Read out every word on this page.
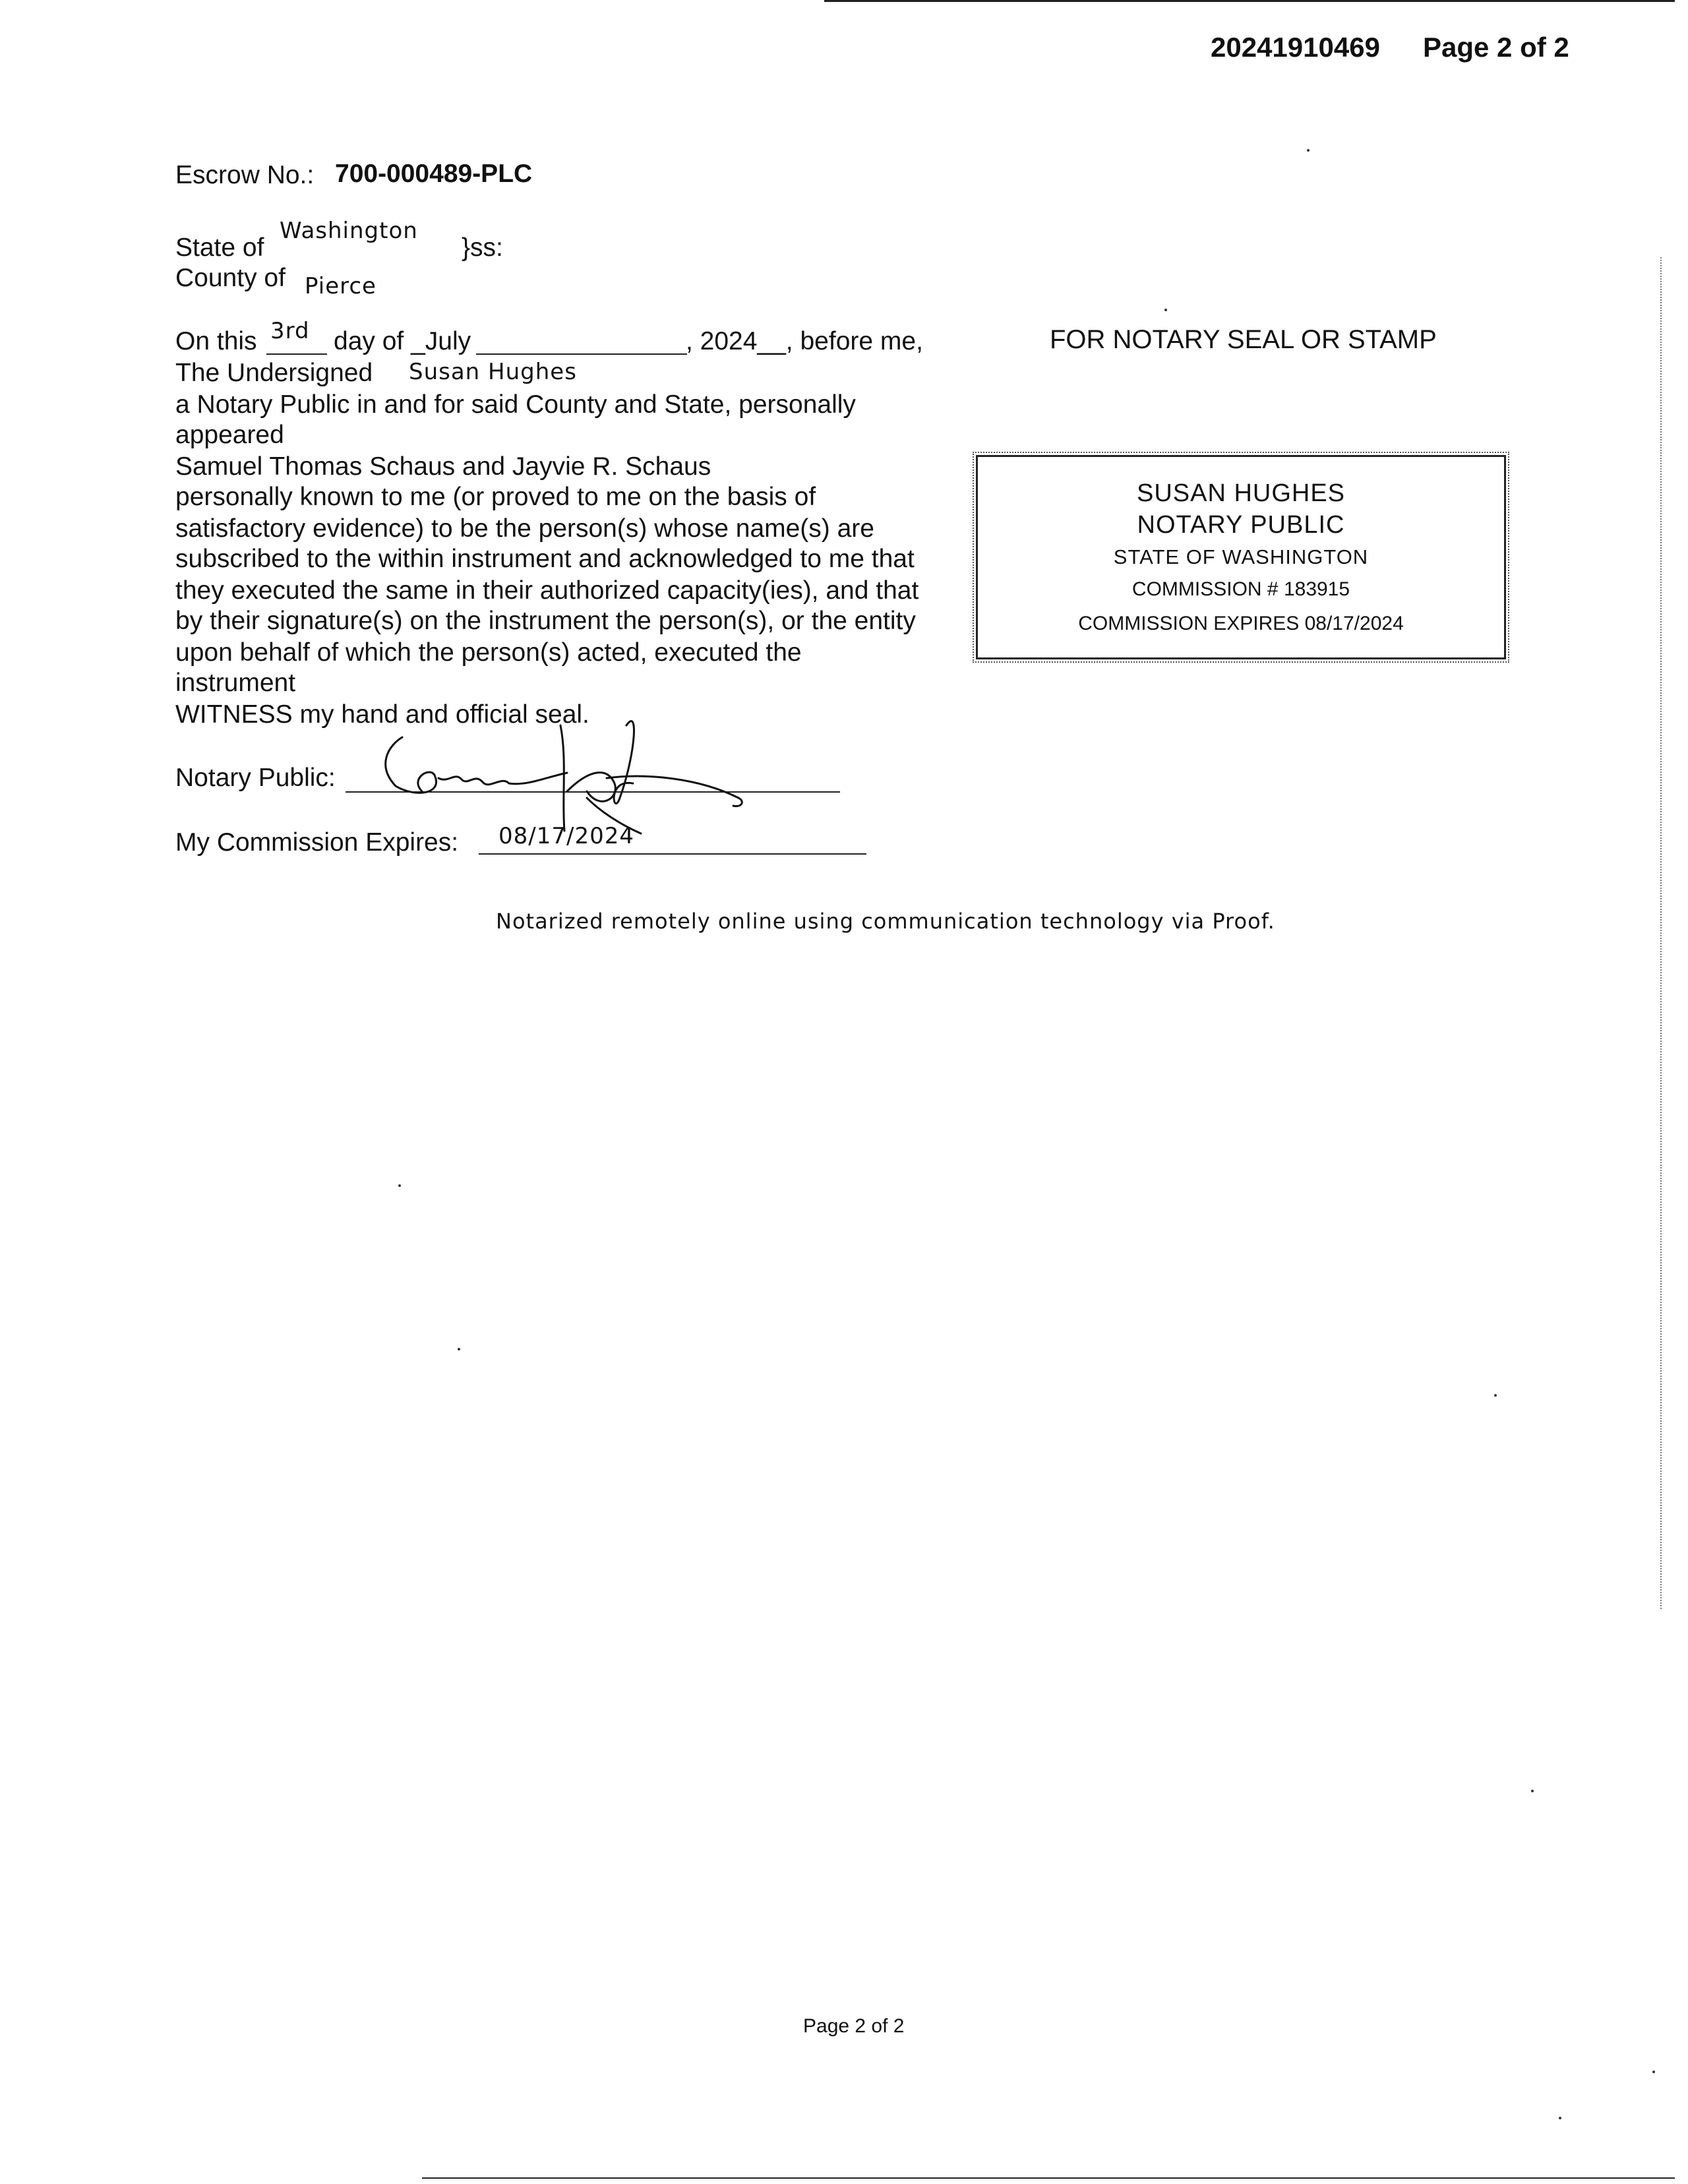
20241910469 Page 2 of 2
Escrow No.: 700-000489-PLC
State of
Washington
}ss:
County of Pierce
On this 3rd day of _July	, 2024__, before me,
The Undersigned Susan Hughes
a Notary Public in and for said County and State, personally
appeared
Samuel Thomas Schaus and Jayvie R. Schaus
personally known to me (or proved to me on the basis of
satisfactory evidence) to be the person(s) whose name(s) are
subscribed to the within instrument and acknowledged to me that
they executed the same in their authorized capacity(ies), and that
by their signature(s) on the instrument the person(s), or the entity
upon behalf of which the person(s) acted, executed the
instrument
WITNESS my hand and official seal.
Notary Public:
My Commission Expires: 08/17/2024
FOR NOTARY SEAL OR STAMP
SUSAN HUGHES
NOTARY PUBLIC
STATE OF WASHINGTON
COMMISSION # 183915
COMMISSION EXPIRES 08/17/2024
Notarized remotely online using communication technology via Proof.
Page 2 of 2
